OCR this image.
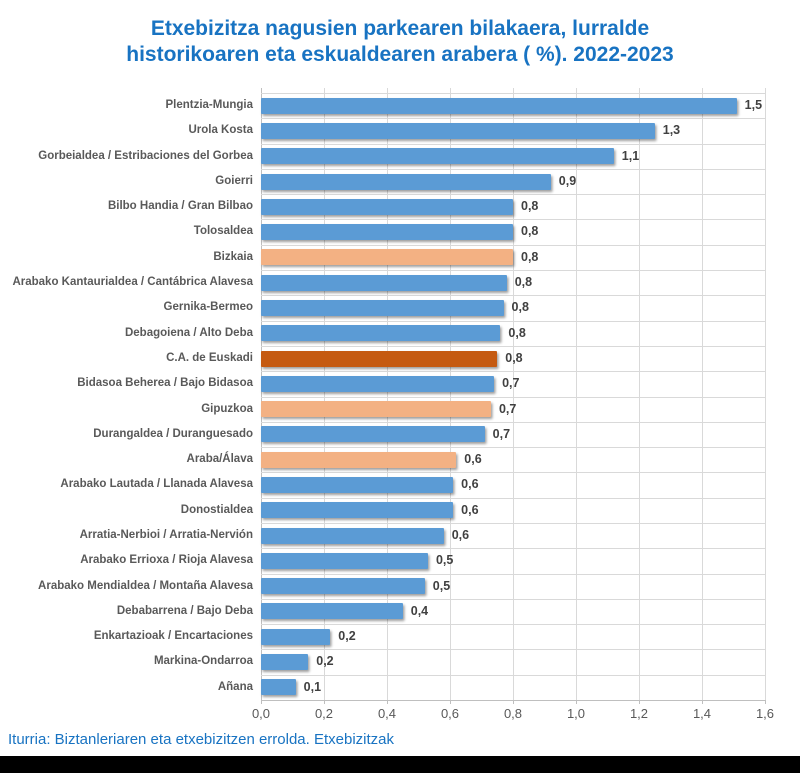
Etxebizitza nagusien parkearen bilakaera, lurralde
historikoaren eta eskualdearen arabera ( %). 2022-2023
Plentzia-Mungia	1,5
Urola Kosta	1,3
Gorbeialdea / Estribaciones del Gorbea	1,1
Goierri	0,9
Bilbo Handia / Gran Bilbao	0,8
Tolosaldea	0,8
Bizkaia	0,8
Arabako Kantaurialdea / Cantábrica Alavesa	0,8
Gernika-Bermeo	0,8
Debagoiena / Alto Deba	0,8
C.A. de Euskadi	0,8
Bidasoa Beherea / Bajo Bidasoa	0,7
Gipuzkoa	0,7
Durangaldea / Duranguesado	0,7
Araba/Álava	0,6
Arabako Lautada / Llanada Alavesa	0,6
Donostialdea	0,6
Arratia-Nerbioi / Arratia-Nervión	0,6
Arabako Errioxa / Rioja Alavesa	0,5
Arabako Mendialdea / Montaña Alavesa	0,5
Debabarrena / Bajo Deba	0,4
Enkartazioak / Encartaciones	0,2
Markina-Ondarroa	0,2
Añana	0,1
0,0	0,2	0,4	0,6	0,8	1,0	1,2	1,4	1,6
Iturria: Biztanleriaren eta etxebizitzen errolda. Etxebizitzak
